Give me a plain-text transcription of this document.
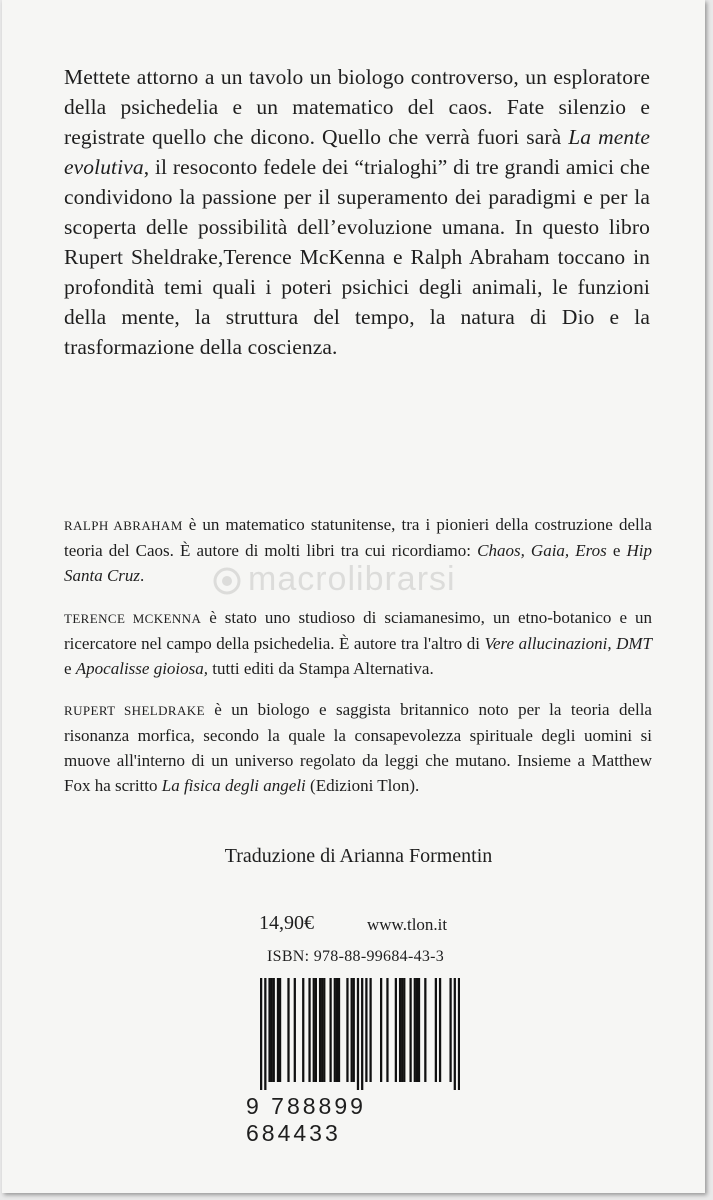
Mettete attorno a un tavolo un biologo controverso, un esploratore della psichedelia e un matematico del caos. Fate silenzio e registrate quello che dicono. Quello che verrà fuori sarà La mente evolutiva, il resoconto fedele dei “trialoghi” di tre grandi amici che condividono la passione per il superamento dei paradigmi e per la scoperta delle possibilità dell’evoluzione umana. In questo libro Rupert Sheldrake,Terence McKenna e Ralph Abraham toccano in profondità temi quali i poteri psichici degli animali, le funzioni della mente, la struttura del tempo, la natura di Dio e la trasformazione della coscienza.

macrolibrarsi

RALPH ABRAHAM è un matematico statunitense, tra i pionieri della costruzione della teoria del Caos. È autore di molti libri tra cui ricordiamo: Chaos, Gaia, Eros e Hip Santa Cruz.

TERENCE MCKENNA è stato uno studioso di sciamanesimo, un etno-botanico e un ricercatore nel campo della psichedelia. È autore tra l'altro di Vere allucinazioni, DMT e Apocalisse gioiosa, tutti editi da Stampa Alternativa.

RUPERT SHELDRAKE è un biologo e saggista britannico noto per la teoria della risonanza morfica, secondo la quale la consapevolezza spirituale degli uomini si muove all'interno di un universo regolato da leggi che mutano. Insieme a Matthew Fox ha scritto La fisica degli angeli (Edizioni Tlon).

Traduzione di Arianna Formentin

14,90€	www.tlon.it
ISBN: 978-88-99684-43-3
9 788899 684433
